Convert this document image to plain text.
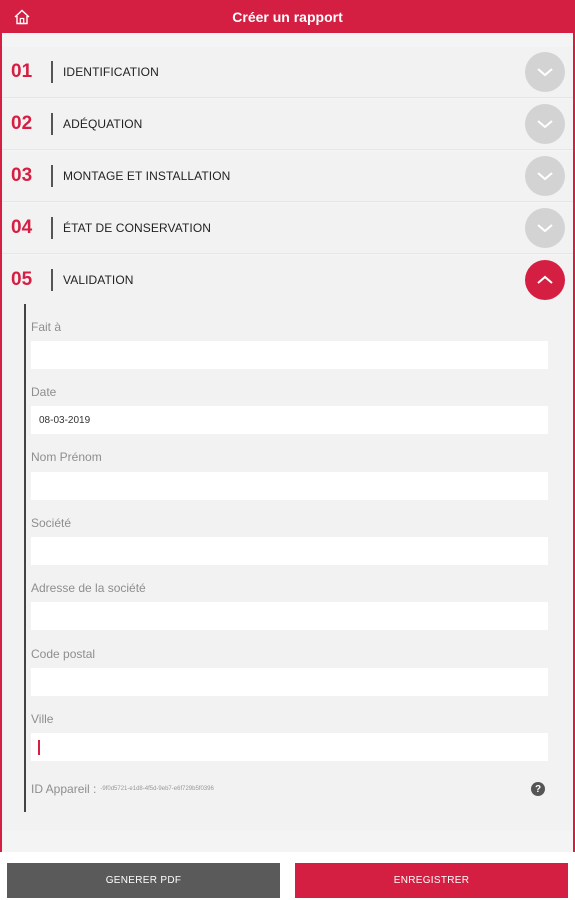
Créer un rapport
01	IDENTIFICATION
02	ADÉQUATION
03	MONTAGE ET INSTALLATION
04	ÉTAT DE CONSERVATION
05	VALIDATION
Fait à
Date
08-03-2019
Nom Prénom
Société
Adresse de la société
Code postal
Ville
ID Appareil : -9f0d5721-e1d8-4f5d-9eb7-e6f729b5f0396	?
GENERER PDF	ENREGISTRER
